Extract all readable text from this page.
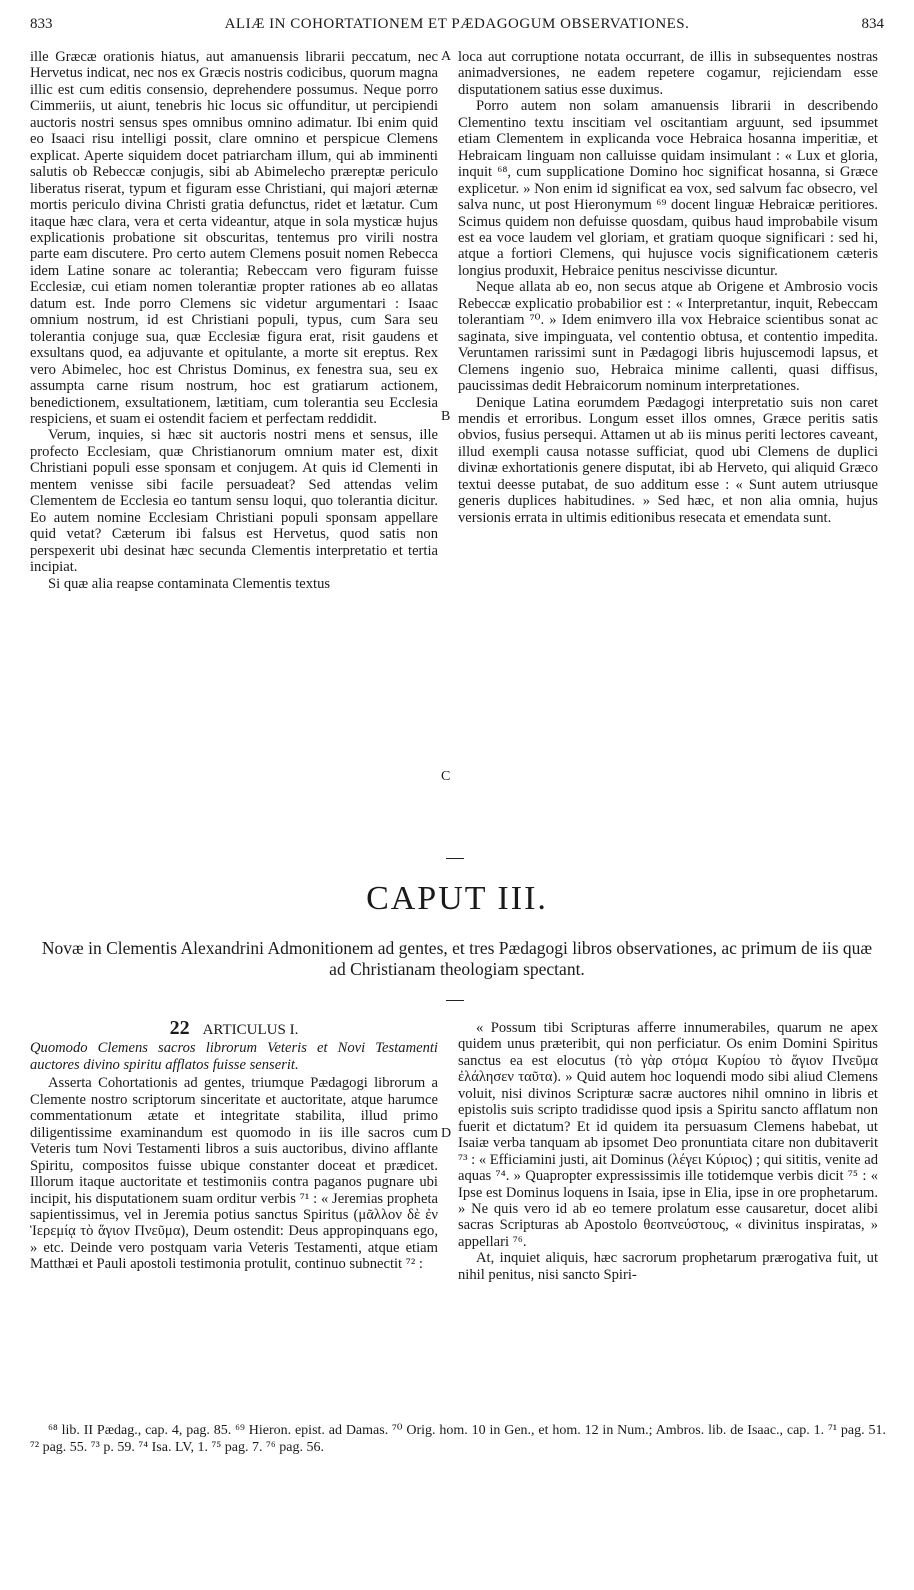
833	ALIÆ IN COHORTATIONEM ET PÆDAGOGUM OBSERVATIONES.	834

ille Græcæ orationis hiatus, aut amanuensis librarii peccatum, nec Hervetus indicat, nec nos ex Græcis nostris codicibus, quorum magna illic est cum editis consensio, deprehendere possumus. Neque porro Cimmeriis, ut aiunt, tenebris hic locus sic offunditur, ut percipiendi auctoris nostri sensus spes omnibus omnino adimatur. Ibi enim quid eo Isaaci risu intelligi possit, clare omnino et perspicue Clemens explicat. Aperte siquidem docet patriarcham illum, qui ab imminenti salutis ob Rebeccæ conjugis, sibi ab Abimelecho præreptæ periculo liberatus riserat, typum et figuram esse Christiani, qui majori æternæ mortis periculo divina Christi gratia defunctus, ridet et lætatur. Cum itaque hæc clara, vera et certa videantur, atque in sola mysticæ hujus explicationis probatione sit obscuritas, tentemus pro virili nostra parte eam discutere. Pro certo autem Clemens posuit nomen Rebecca idem Latine sonare ac tolerantia; Rebeccam vero figuram fuisse Ecclesiæ, cui etiam nomen tolerantiæ propter rationes ab eo allatas datum est. Inde porro Clemens sic videtur argumentari : Isaac omnium nostrum, id est Christiani populi, typus, cum Sara seu tolerantia conjuge sua, quæ Ecclesiæ figura erat, risit gaudens et exsultans quod, ea adjuvante et opitulante, a morte sit ereptus. Rex vero Abimelec, hoc est Christus Dominus, ex fenestra sua, seu ex assumpta carne risum nostrum, hoc est gratiarum actionem, benedictionem, exsultationem, lætitiam, cum tolerantia seu Ecclesia respiciens, et suam ei ostendit faciem et perfectam reddidit.

Verum, inquies, si hæc sit auctoris nostri mens et sensus, ille profecto Ecclesiam, quæ Christianorum omnium mater est, dixit Christiani populi esse sponsam et conjugem. At quis id Clementi in mentem venisse sibi facile persuadeat? Sed attendas velim Clementem de Ecclesia eo tantum sensu loqui, quo tolerantia dicitur. Eo autem nomine Ecclesiam Christiani populi sponsam appellare quid vetat? Cæterum ibi falsus est Hervetus, quod satis non perspexerit ubi desinat hæc secunda Clementis interpretatio et tertia incipiat.

Si quæ alia reapse contaminata Clementis textus

A
B
C
D

loca aut corruptione notata occurrant, de illis in subsequentes nostras animadversiones, ne eadem repetere cogamur, rejiciendam esse disputationem satius esse duximus.

Porro autem non solam amanuensis librarii in describendo Clementino textu inscitiam vel oscitantiam arguunt, sed ipsummet etiam Clementem in explicanda voce Hebraica hosanna imperitiæ, et Hebraicam linguam non calluisse quidam insimulant : « Lux et gloria, inquit ⁶⁸, cum supplicatione Domino hoc significat hosanna, si Græce explicetur. » Non enim id significat ea vox, sed salvum fac obsecro, vel salva nunc, ut post Hieronymum ⁶⁹ docent linguæ Hebraicæ peritiores. Scimus quidem non defuisse quosdam, quibus haud improbabile visum est ea voce laudem vel gloriam, et gratiam quoque significari : sed hi, atque a fortiori Clemens, qui hujusce vocis significationem cæteris longius produxit, Hebraice penitus nescivisse dicuntur.

Neque allata ab eo, non secus atque ab Origene et Ambrosio vocis Rebeccæ explicatio probabilior est : « Interpretantur, inquit, Rebeccam tolerantiam ⁷⁰. » Idem enimvero illa vox Hebraice scientibus sonat ac saginata, sive impinguata, vel contentio obtusa, et contentio impedita. Veruntamen rarissimi sunt in Pædagogi libris hujuscemodi lapsus, et Clemens ingenio suo, Hebraica minime callenti, quasi diffisus, paucissimas dedit Hebraicorum nominum interpretationes.

Denique Latina eorumdem Pædagogi interpretatio suis non caret mendis et erroribus. Longum esset illos omnes, Græce peritis satis obvios, fusius persequi. Attamen ut ab iis minus periti lectores caveant, illud exempli causa notasse sufficiat, quod ubi Clemens de duplici divinæ exhortationis genere disputat, ibi ab Herveto, qui aliquid Græco textui deesse putabat, de suo additum esse : « Sunt autem utriusque generis duplices habitudines. » Sed hæc, et non alia omnia, hujus versionis errata in ultimis editionibus resecata et emendata sunt.

CAPUT III.
Novæ in Clementis Alexandrini Admonitionem ad gentes, et tres Pædagogi libros observationes, ac primum de iis quæ ad Christianam theologiam spectant.
22 ARTICULUS I.

Quomodo Clemens sacros librorum Veteris et Novi Testamenti auctores divino spiritu afflatos fuisse senserit.

Asserta Cohortationis ad gentes, triumque Pædagogi librorum a Clemente nostro scriptorum sinceritate et auctoritate, atque harumce commentationum ætate et integritate stabilita, illud primo diligentissime examinandum est quomodo in iis ille sacros cum Veteris tum Novi Testamenti libros a suis auctoribus, divino afflante Spiritu, compositos fuisse ubique constanter doceat et prædicet. Illorum itaque auctoritate et testimoniis contra paganos pugnare ubi incipit, his disputationem suam orditur verbis ⁷¹ : « Jeremias propheta sapientissimus, vel in Jeremia potius sanctus Spiritus (μᾶλλον δὲ ἐν Ἱερεμίᾳ τὸ ἅγιον Πνεῦμα), Deum ostendit: Deus appropinquans ego, » etc. Deinde vero postquam varia Veteris Testamenti, atque etiam Matthæi et Pauli apostoli testimonia protulit, continuo subnectit ⁷² :

« Possum tibi Scripturas afferre innumerabiles, quarum ne apex quidem unus præteribit, qui non perficiatur. Os enim Domini Spiritus sanctus ea est elocutus (τὸ γὰρ στόμα Κυρίου τὸ ἅγιον Πνεῦμα ἐλάλησεν ταῦτα). » Quid autem hoc loquendi modo sibi aliud Clemens voluit, nisi divinos Scripturæ sacræ auctores nihil omnino in libris et epistolis suis scripto tradidisse quod ipsis a Spiritu sancto afflatum non fuerit et dictatum? Et id quidem ita persuasum Clemens habebat, ut Isaiæ verba tanquam ab ipsomet Deo pronuntiata citare non dubitaverit ⁷³ : « Efficiamini justi, ait Dominus (λέγει Κύριος) ; qui sititis, venite ad aquas ⁷⁴. » Quapropter expressissimis ille totidemque verbis dicit ⁷⁵ : « Ipse est Dominus loquens in Isaia, ipse in Elia, ipse in ore prophetarum. » Ne quis vero id ab eo temere prolatum esse causaretur, docet alibi sacras Scripturas ab Apostolo θεοπνεύστους, « divinitus inspiratas, » appellari ⁷⁶.

At, inquiet aliquis, hæc sacrorum prophetarum prærogativa fuit, ut nihil penitus, nisi sancto Spiri-

⁶⁸ lib. II Pædag., cap. 4, pag. 85. ⁶⁹ Hieron. epist. ad Damas. ⁷⁰ Orig. hom. 10 in Gen., et hom. 12 in Num.; Ambros. lib. de Isaac., cap. 1. ⁷¹ pag. 51. ⁷² pag. 55. ⁷³ p. 59. ⁷⁴ Isa. LV, 1. ⁷⁵ pag. 7. ⁷⁶ pag. 56.
